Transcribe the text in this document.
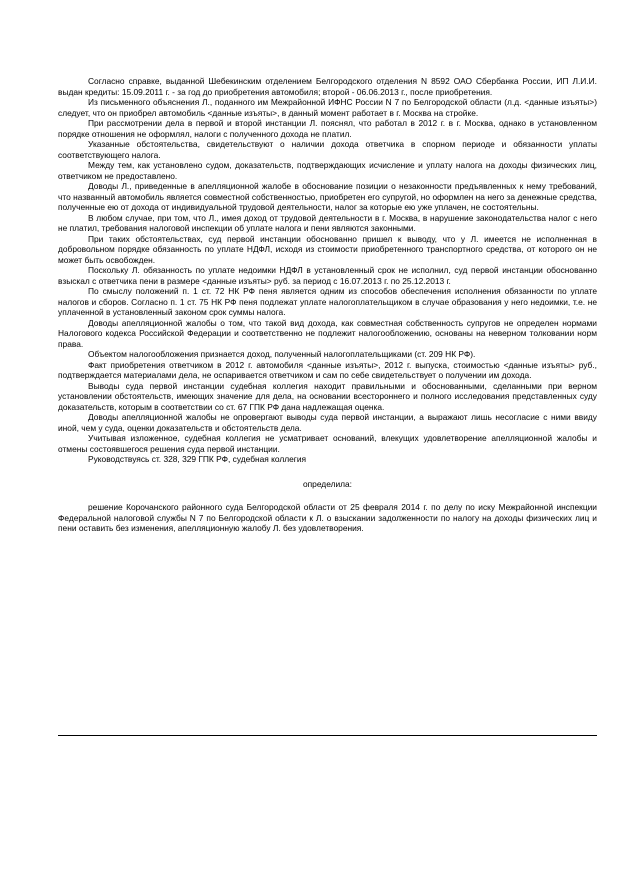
Согласно справке, выданной Шебекинским отделением Белгородского отделения N 8592 ОАО Сбербанка России, ИП Л.И.И. выдан кредиты: 15.09.2011 г. - за год до приобретения автомобиля; второй - 06.06.2013 г., после приобретения.

Из письменного объяснения Л., поданного им Межрайонной ИФНС России N 7 по Белгородской области (л.д. <данные изъяты>) следует, что он приобрел автомобиль <данные изъяты>, в данный момент работает в г. Москва на стройке.

При рассмотрении дела в первой и второй инстанции Л. пояснял, что работал в 2012 г. в г. Москва, однако в установленном порядке отношения не оформлял, налоги с полученного дохода не платил.

Указанные обстоятельства, свидетельствуют о наличии дохода ответчика в спорном периоде и обязанности уплаты соответствующего налога.

Между тем, как установлено судом, доказательств, подтверждающих исчисление и уплату налога на доходы физических лиц, ответчиком не предоставлено.

Доводы Л., приведенные в апелляционной жалобе в обоснование позиции о незаконности предъявленных к нему требований, что названный автомобиль является совместной собственностью, приобретен его супругой, но оформлен на него за денежные средства, полученные ею от дохода от индивидуальной трудовой деятельности, налог за которые ею уже уплачен, не состоятельны.

В любом случае, при том, что Л., имея доход от трудовой деятельности в г. Москва, в нарушение законодательства налог с него не платил, требования налоговой инспекции об уплате налога и пени являются законными.

При таких обстоятельствах, суд первой инстанции обоснованно пришел к выводу, что у Л. имеется не исполненная в добровольном порядке обязанность по уплате НДФЛ, исходя из стоимости приобретенного транспортного средства, от которого он не может быть освобожден.

Поскольку Л. обязанность по уплате недоимки НДФЛ в установленный срок не исполнил, суд первой инстанции обоснованно взыскал с ответчика пени в размере <данные изъяты> руб. за период с 16.07.2013 г. по 25.12.2013 г.

По смыслу положений п. 1 ст. 72 НК РФ пеня является одним из способов обеспечения исполнения обязанности по уплате налогов и сборов. Согласно п. 1 ст. 75 НК РФ пеня подлежат уплате налогоплательщиком в случае образования у него недоимки, т.е. не уплаченной в установленный законом срок суммы налога.

Доводы апелляционной жалобы о том, что такой вид дохода, как совместная собственность супругов не определен нормами Налогового кодекса Российской Федерации и соответственно не подлежит налогообложению, основаны на неверном толковании норм права.

Объектом налогообложения признается доход, полученный налогоплательщиками (ст. 209 НК РФ).

Факт приобретения ответчиком в 2012 г. автомобиля <данные изъяты>, 2012 г. выпуска, стоимостью <данные изъяты> руб., подтверждается материалами дела, не оспаривается ответчиком и сам по себе свидетельствует о получении им дохода.

Выводы суда первой инстанции судебная коллегия находит правильными и обоснованными, сделанными при верном установлении обстоятельств, имеющих значение для дела, на основании всестороннего и полного исследования представленных суду доказательств, которым в соответствии со ст. 67 ГПК РФ дана надлежащая оценка.

Доводы апелляционной жалобы не опровергают выводы суда первой инстанции, а выражают лишь несогласие с ними ввиду иной, чем у суда, оценки доказательств и обстоятельств дела.

Учитывая изложенное, судебная коллегия не усматривает оснований, влекущих удовлетворение апелляционной жалобы и отмены состоявшегося решения суда первой инстанции.

Руководствуясь ст. 328, 329 ГПК РФ, судебная коллегия

определила:

решение Корочанского районного суда Белгородской области от 25 февраля 2014 г. по делу по иску Межрайонной инспекции Федеральной налоговой службы N 7 по Белгородской области к Л. о взыскании задолженности по налогу на доходы физических лиц и пени оставить без изменения, апелляционную жалобу Л. без удовлетворения.
